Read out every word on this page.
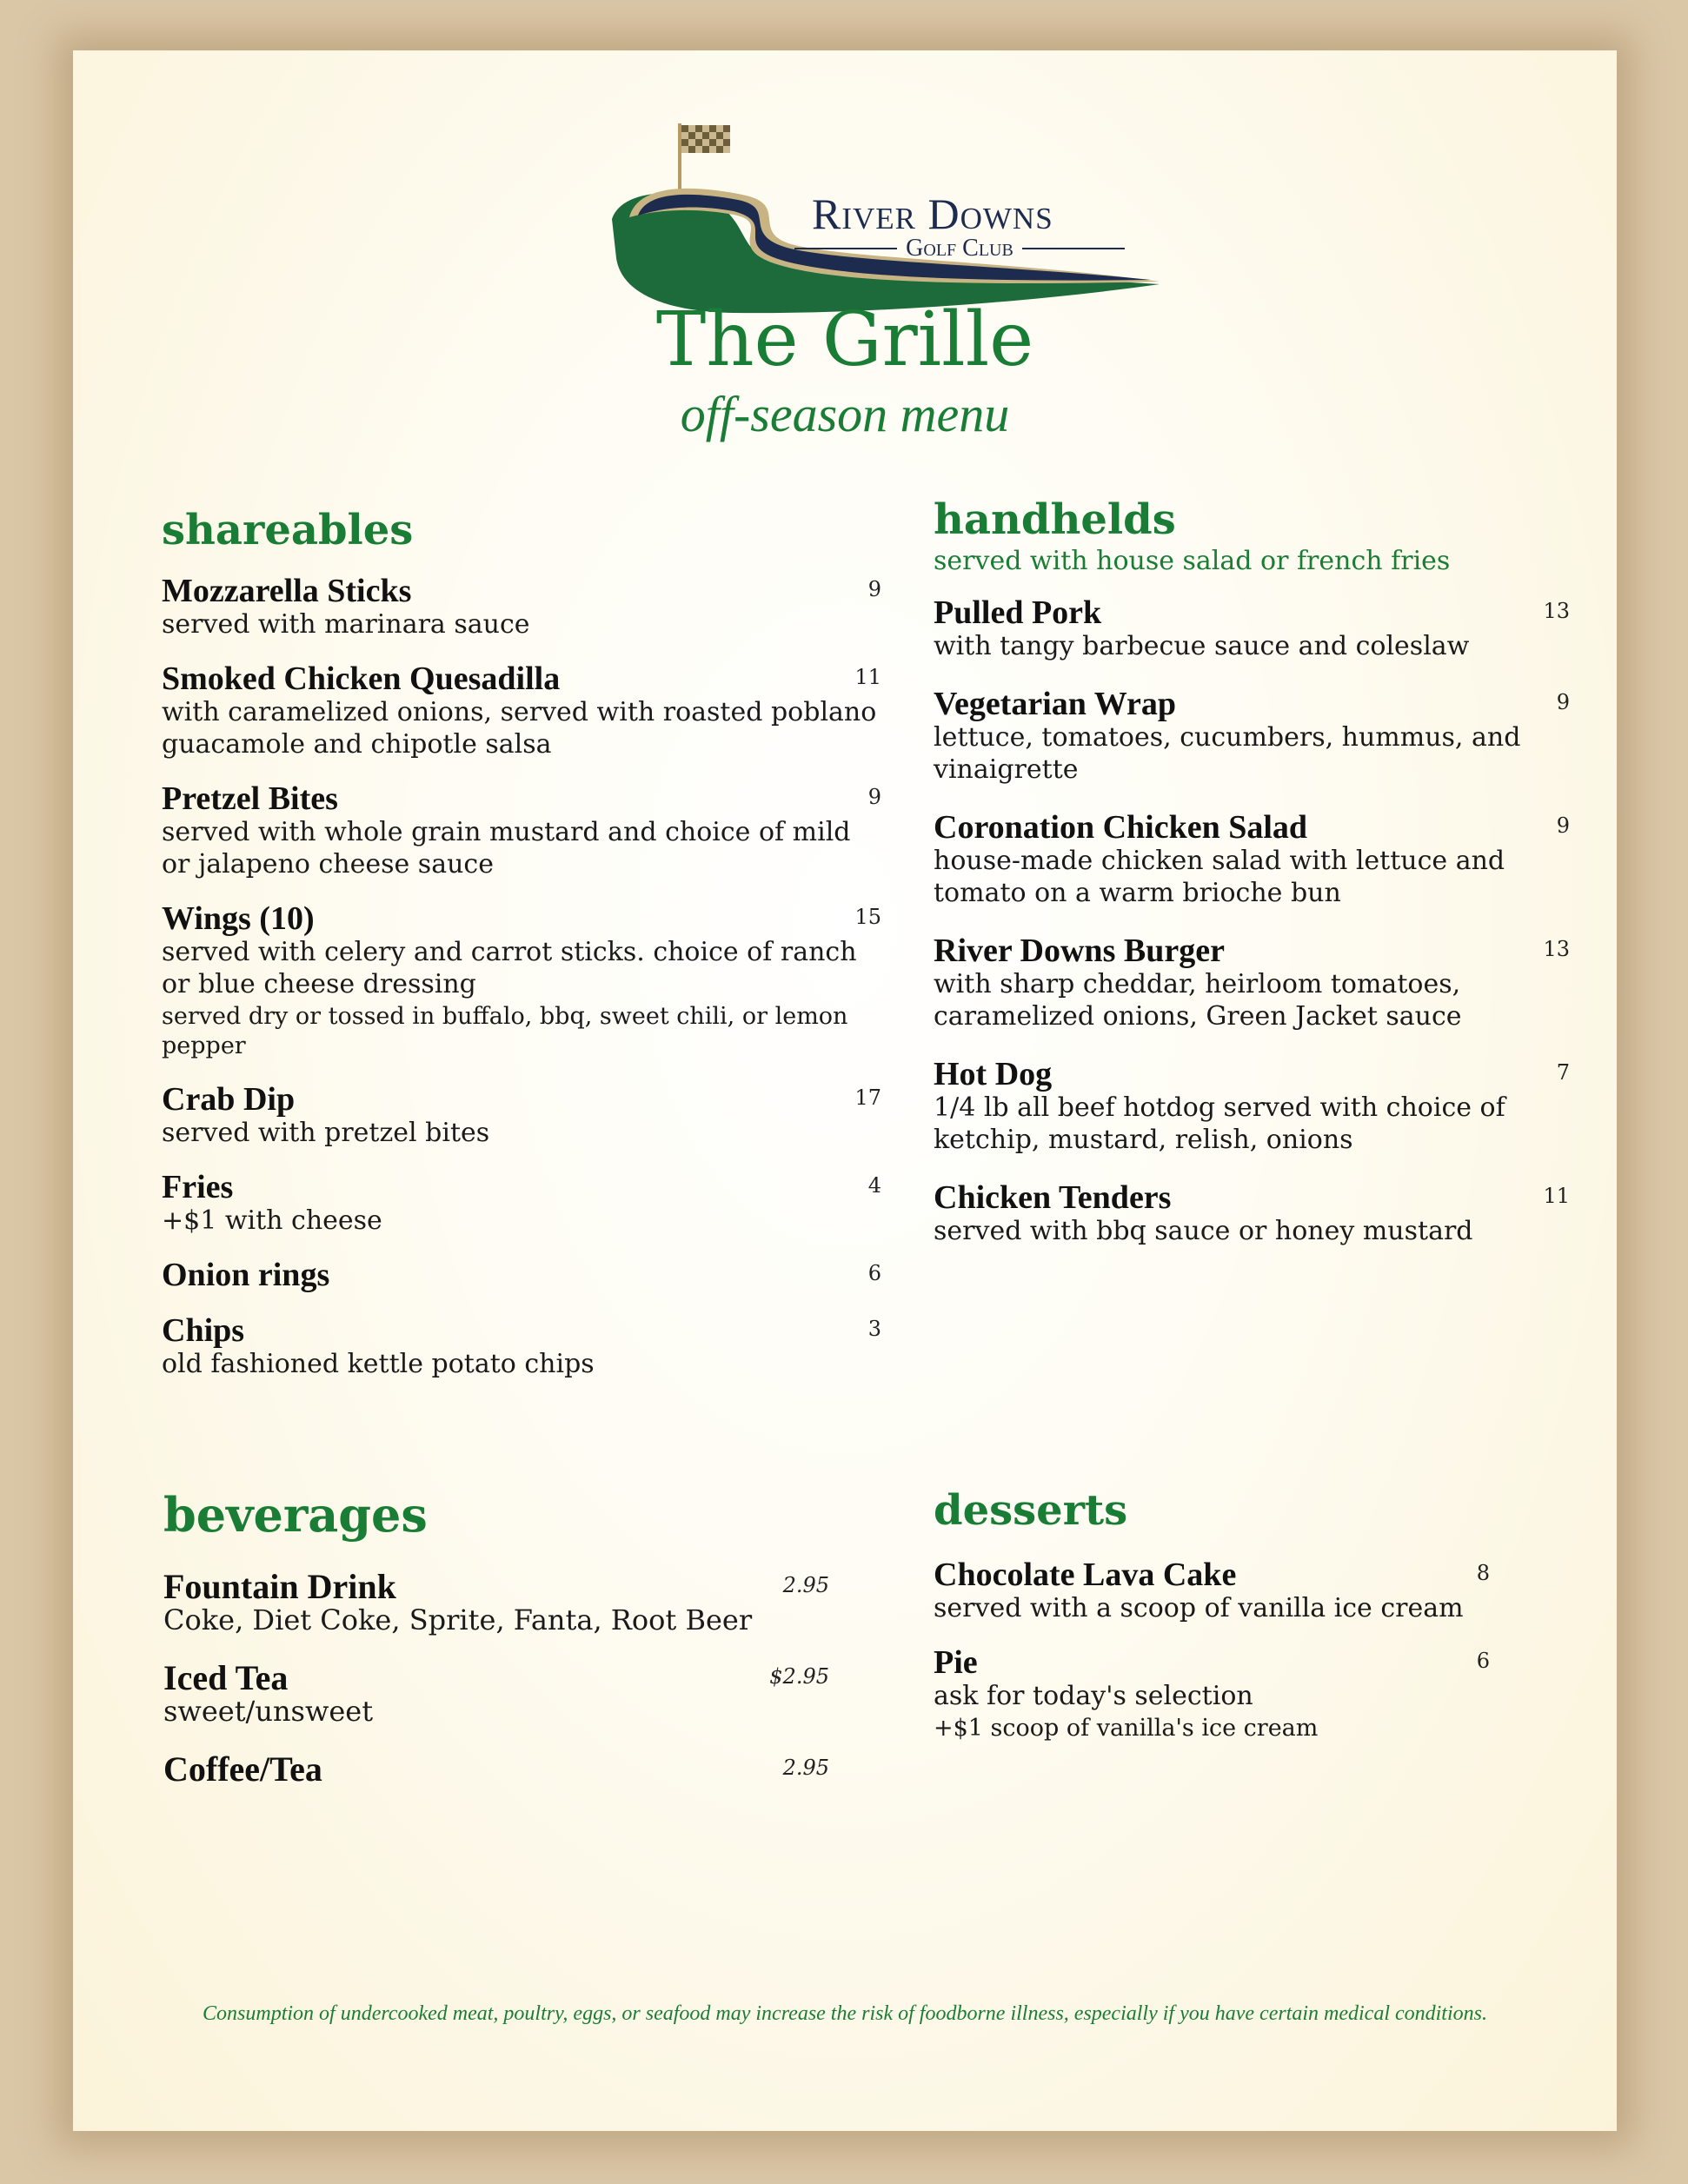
River Downs
Golf Club
The Grille
off-season menu
shareables
Mozzarella Sticks	9
served with marinara sauce
Smoked Chicken Quesadilla	11
with caramelized onions, served with roasted poblano guacamole and chipotle salsa
Pretzel Bites	9
served with whole grain mustard and choice of mild or jalapeno cheese sauce
Wings (10)	15
served with celery and carrot sticks. choice of ranch or blue cheese dressing
served dry or tossed in buffalo, bbq, sweet chili, or lemon pepper
Crab Dip	17
served with pretzel bites
Fries	4
+$1 with cheese
Onion rings	6
Chips	3
old fashioned kettle potato chips
handhelds
served with house salad or french fries
Pulled Pork	13
with tangy barbecue sauce and coleslaw
Vegetarian Wrap	9
lettuce, tomatoes, cucumbers, hummus, and vinaigrette
Coronation Chicken Salad	9
house-made chicken salad with lettuce and tomato on a warm brioche bun
River Downs Burger	13
with sharp cheddar, heirloom tomatoes, caramelized onions, Green Jacket sauce
Hot Dog	7
1/4 lb all beef hotdog served with choice of ketchip, mustard, relish, onions
Chicken Tenders	11
served with bbq sauce or honey mustard
beverages
Fountain Drink	2.95
Coke, Diet Coke, Sprite, Fanta, Root Beer
Iced Tea	$2.95
sweet/unsweet
Coffee/Tea	2.95
desserts
Chocolate Lava Cake	8
served with a scoop of vanilla ice cream
Pie	6
ask for today's selection
+$1 scoop of vanilla's ice cream
Consumption of undercooked meat, poultry, eggs, or seafood may increase the risk of foodborne illness, especially if you have certain medical conditions.
